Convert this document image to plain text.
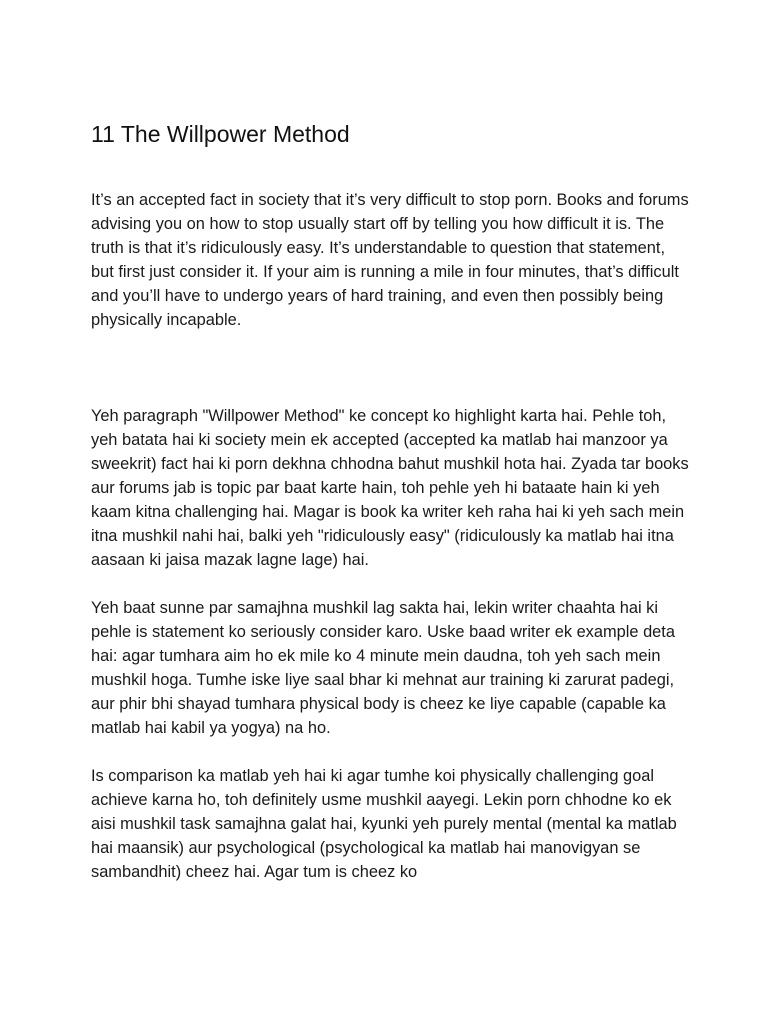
11 The Willpower Method

It’s an accepted fact in society that it’s very difficult to stop porn. Books and forums advising you on how to stop usually start off by telling you how difficult it is. The truth is that it’s ridiculously easy. It’s understandable to question that statement, but first just consider it. If your aim is running a mile in four minutes, that’s difficult and you’ll have to undergo years of hard training, and even then possibly being physically incapable.

Yeh paragraph "Willpower Method" ke concept ko highlight karta hai. Pehle toh, yeh batata hai ki society mein ek accepted (accepted ka matlab hai manzoor ya sweekrit) fact hai ki porn dekhna chhodna bahut mushkil hota hai. Zyada tar books aur forums jab is topic par baat karte hain, toh pehle yeh hi bataate hain ki yeh kaam kitna challenging hai. Magar is book ka writer keh raha hai ki yeh sach mein itna mushkil nahi hai, balki yeh "ridiculously easy" (ridiculously ka matlab hai itna aasaan ki jaisa mazak lagne lage) hai.

Yeh baat sunne par samajhna mushkil lag sakta hai, lekin writer chaahta hai ki pehle is statement ko seriously consider karo. Uske baad writer ek example deta hai: agar tumhara aim ho ek mile ko 4 minute mein daudna, toh yeh sach mein mushkil hoga. Tumhe iske liye saal bhar ki mehnat aur training ki zarurat padegi, aur phir bhi shayad tumhara physical body is cheez ke liye capable (capable ka matlab hai kabil ya yogya) na ho.

Is comparison ka matlab yeh hai ki agar tumhe koi physically challenging goal achieve karna ho, toh definitely usme mushkil aayegi. Lekin porn chhodne ko ek aisi mushkil task samajhna galat hai, kyunki yeh purely mental (mental ka matlab hai maansik) aur psychological (psychological ka matlab hai manovigyan se sambandhit) cheez hai. Agar tum is cheez ko
